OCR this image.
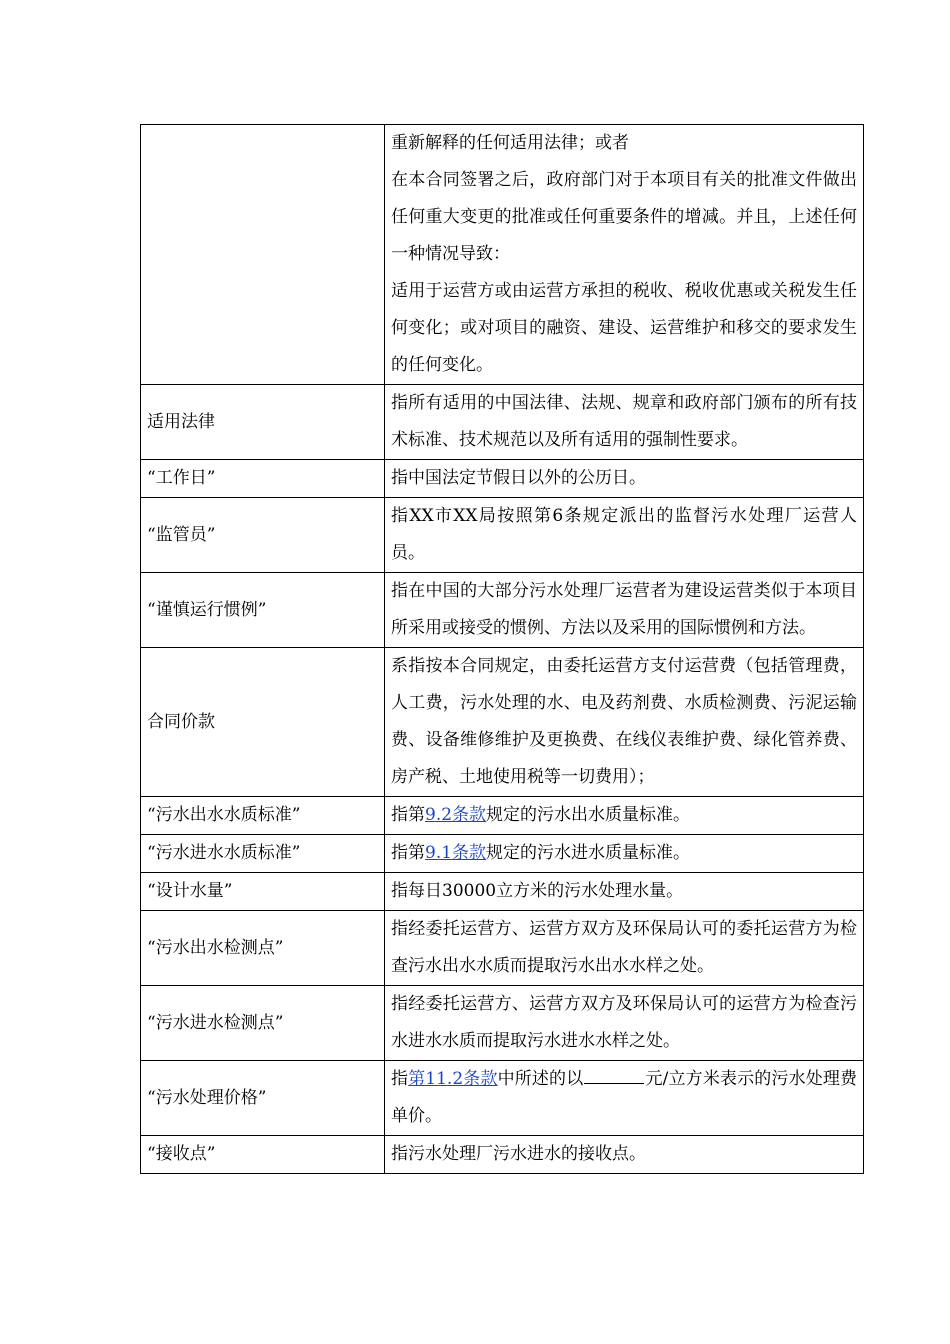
	重新解释的任何适用法律；或者
在本合同签署之后，政府部门对于本项目有关的批准文件做出任何重大变更的批准或任何重要条件的增减。并且，上述任何一种情况导致：
适用于运营方或由运营方承担的税收、税收优惠或关税发生任何变化；或对项目的融资、建设、运营维护和移交的要求发生的任何变化。

适用法律	指所有适用的中国法律、法规、规章和政府部门颁布的所有技术标准、技术规范以及所有适用的强制性要求。
“工作日”	指中国法定节假日以外的公历日。
“监管员”	指XX市XX局按照第6条规定派出的监督污水处理厂运营人员。
“谨慎运行惯例”	指在中国的大部分污水处理厂运营者为建设运营类似于本项目所采用或接受的惯例、方法以及采用的国际惯例和方法。
合同价款	系指按本合同规定，由委托运营方支付运营费（包括管理费，人工费，污水处理的水、电及药剂费、水质检测费、污泥运输费、设备维修维护及更换费、在线仪表维护费、绿化管养费、房产税、土地使用税等一切费用）；
“污水出水水质标准”	指第9.2条款规定的污水出水质量标准。
“污水进水水质标准”	指第9.1条款规定的污水进水质量标准。
“设计水量”	指每日30000立方米的污水处理水量。
“污水出水检测点”	指经委托运营方、运营方双方及环保局认可的委托运营方为检查污水出水水质而提取污水出水水样之处。
“污水进水检测点”	指经委托运营方、运营方双方及环保局认可的运营方为检查污水进水水质而提取污水进水水样之处。
“污水处理价格”	指第11.2条款中所述的以 元/立方米表示的污水处理费单价。
“接收点”	指污水处理厂污水进水的接收点。
